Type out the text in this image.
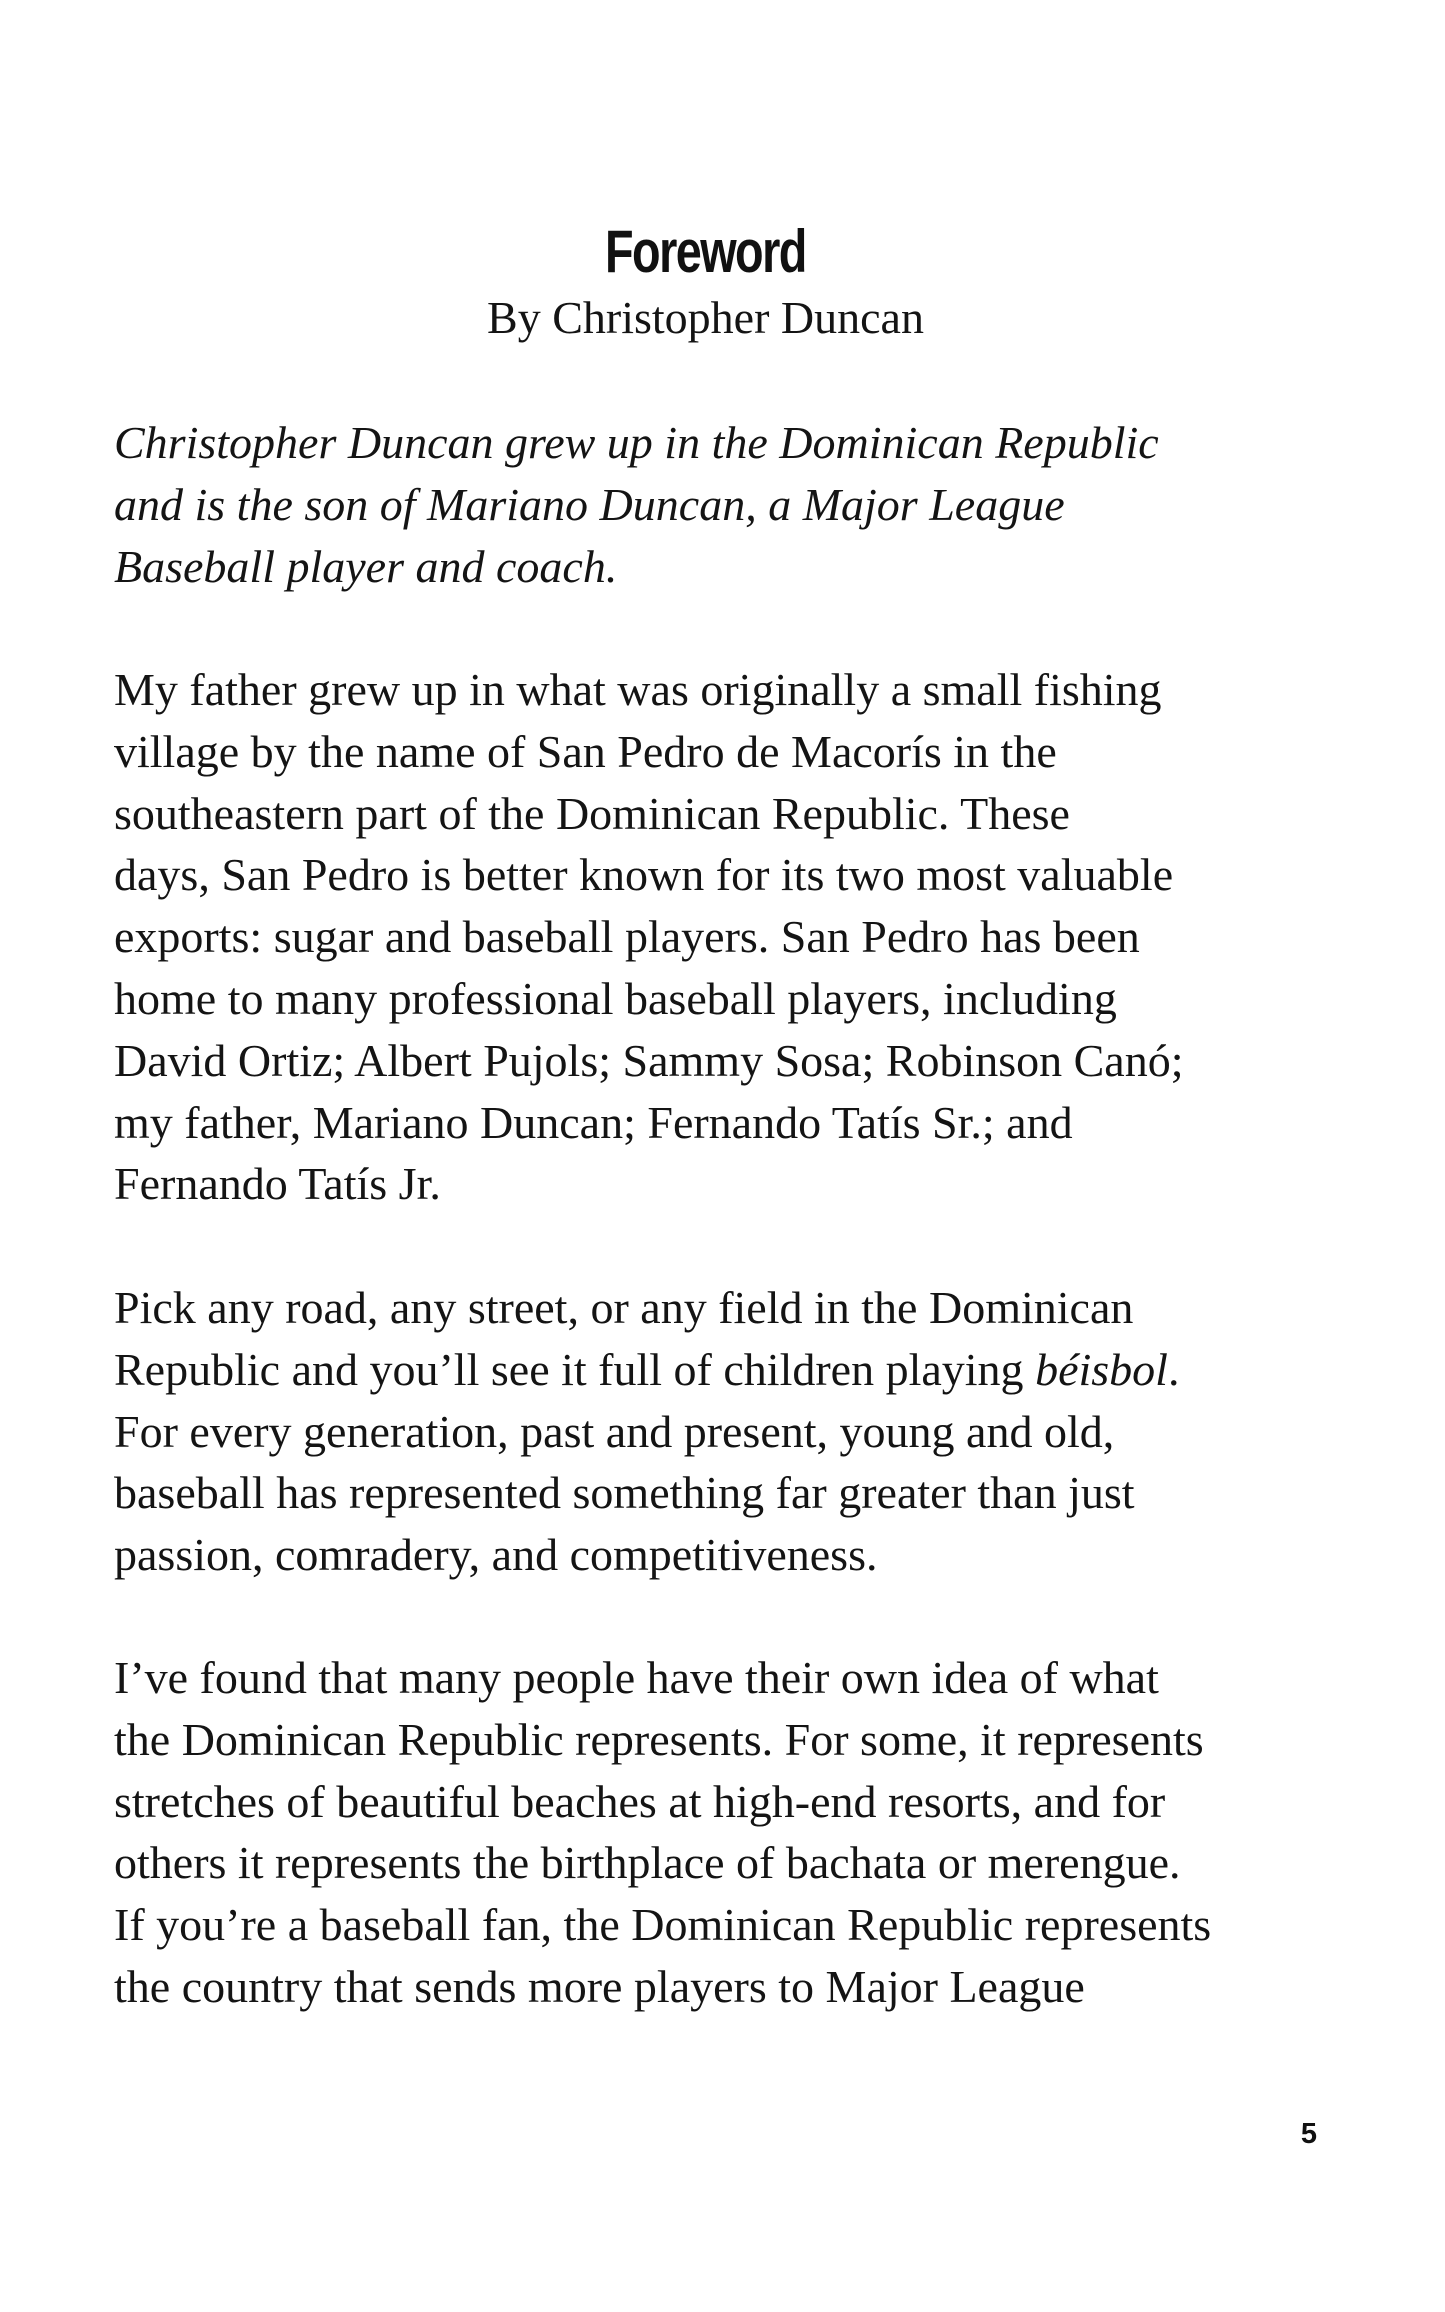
Foreword
By Christopher Duncan

Christopher Duncan grew up in the Dominican Republic
and is the son of Mariano Duncan, a Major League
Baseball player and coach.

My father grew up in what was originally a small fishing
village by the name of San Pedro de Macorís in the
southeastern part of the Dominican Republic. These
days, San Pedro is better known for its two most valuable
exports: sugar and baseball players. San Pedro has been
home to many professional baseball players, including
David Ortiz; Albert Pujols; Sammy Sosa; Robinson Canó;
my father, Mariano Duncan; Fernando Tatís Sr.; and
Fernando Tatís Jr.

Pick any road, any street, or any field in the Dominican
Republic and you’ll see it full of children playing béisbol.
For every generation, past and present, young and old,
baseball has represented something far greater than just
passion, comradery, and competitiveness.

I’ve found that many people have their own idea of what
the Dominican Republic represents. For some, it represents
stretches of beautiful beaches at high-end resorts, and for
others it represents the birthplace of bachata or merengue.
If you’re a baseball fan, the Dominican Republic represents
the country that sends more players to Major League

5
